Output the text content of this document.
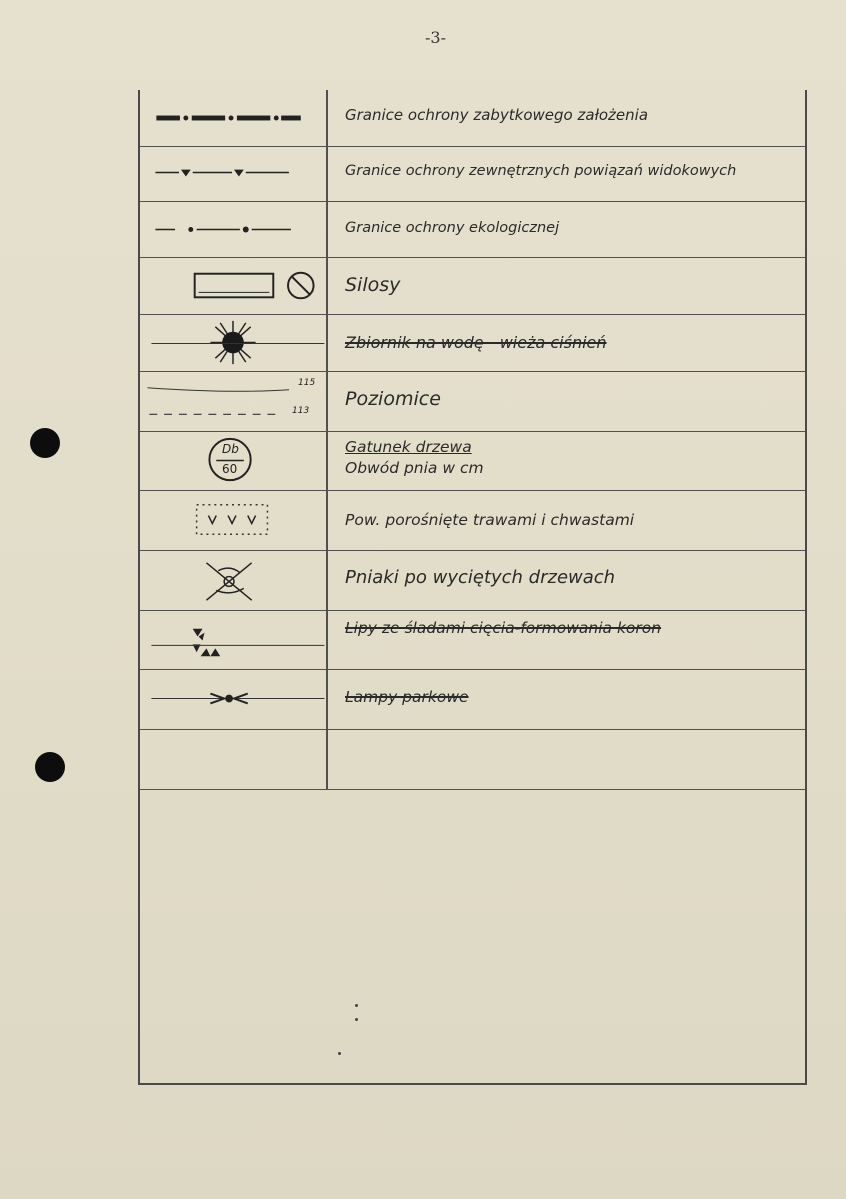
-3-
Granice ochrony zabytkowego założenia
Granice ochrony zewnętrznych powiązań widokowych
Granice ochrony ekologicznej
Silosy
Zbiornik na wodę - wieża ciśnień
115
113
Poziomice
Db
60
Gatunek drzewa
Obwód pnia w cm
Pow. porośnięte trawami i chwastami
Pniaki po wyciętych drzewach
Lipy ze śladami cięcia-formowania koron
Lampy parkowe
